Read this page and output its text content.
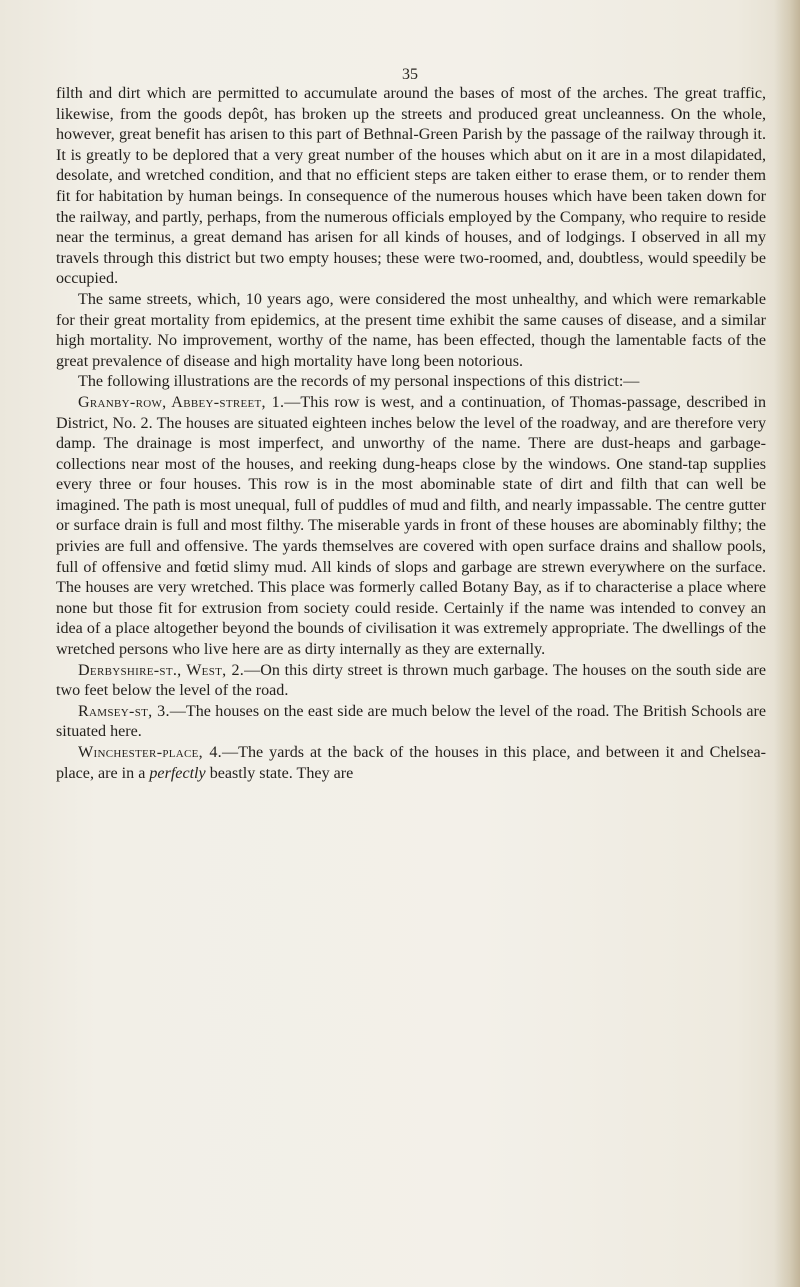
35

filth and dirt which are permitted to accumulate around the bases of most of the arches. The great traffic, likewise, from the goods depôt, has broken up the streets and produced great uncleanness. On the whole, however, great benefit has arisen to this part of Bethnal-Green Parish by the passage of the railway through it. It is greatly to be deplored that a very great number of the houses which abut on it are in a most dilapidated, desolate, and wretched condition, and that no efficient steps are taken either to erase them, or to render them fit for habitation by human beings. In consequence of the numerous houses which have been taken down for the railway, and partly, perhaps, from the numerous officials employed by the Company, who require to reside near the terminus, a great demand has arisen for all kinds of houses, and of lodgings. I observed in all my travels through this district but two empty houses; these were two-roomed, and, doubtless, would speedily be occupied.

The same streets, which, 10 years ago, were considered the most unhealthy, and which were remarkable for their great mortality from epidemics, at the present time exhibit the same causes of disease, and a similar high mortality. No improvement, worthy of the name, has been effected, though the lamentable facts of the great prevalence of disease and high mortality have long been notorious.

The following illustrations are the records of my personal inspections of this district:—

Granby-row, Abbey-street, 1.—This row is west, and a continuation, of Thomas-passage, described in District, No. 2. The houses are situated eighteen inches below the level of the roadway, and are therefore very damp. The drainage is most imperfect, and unworthy of the name. There are dust-heaps and garbage-collections near most of the houses, and reeking dung-heaps close by the windows. One stand-tap supplies every three or four houses. This row is in the most abominable state of dirt and filth that can well be imagined. The path is most unequal, full of puddles of mud and filth, and nearly impassable. The centre gutter or surface drain is full and most filthy. The miserable yards in front of these houses are abominably filthy; the privies are full and offensive. The yards themselves are covered with open surface drains and shallow pools, full of offensive and fœtid slimy mud. All kinds of slops and garbage are strewn everywhere on the surface. The houses are very wretched. This place was formerly called Botany Bay, as if to characterise a place where none but those fit for extrusion from society could reside. Certainly if the name was intended to convey an idea of a place altogether beyond the bounds of civilisation it was extremely appropriate. The dwellings of the wretched persons who live here are as dirty internally as they are externally.

Derbyshire-st., West, 2.—On this dirty street is thrown much garbage. The houses on the south side are two feet below the level of the road.

Ramsey-st, 3.—The houses on the east side are much below the level of the road. The British Schools are situated here.

Winchester-place, 4.—The yards at the back of the houses in this place, and between it and Chelsea-place, are in a perfectly beastly state. They are
